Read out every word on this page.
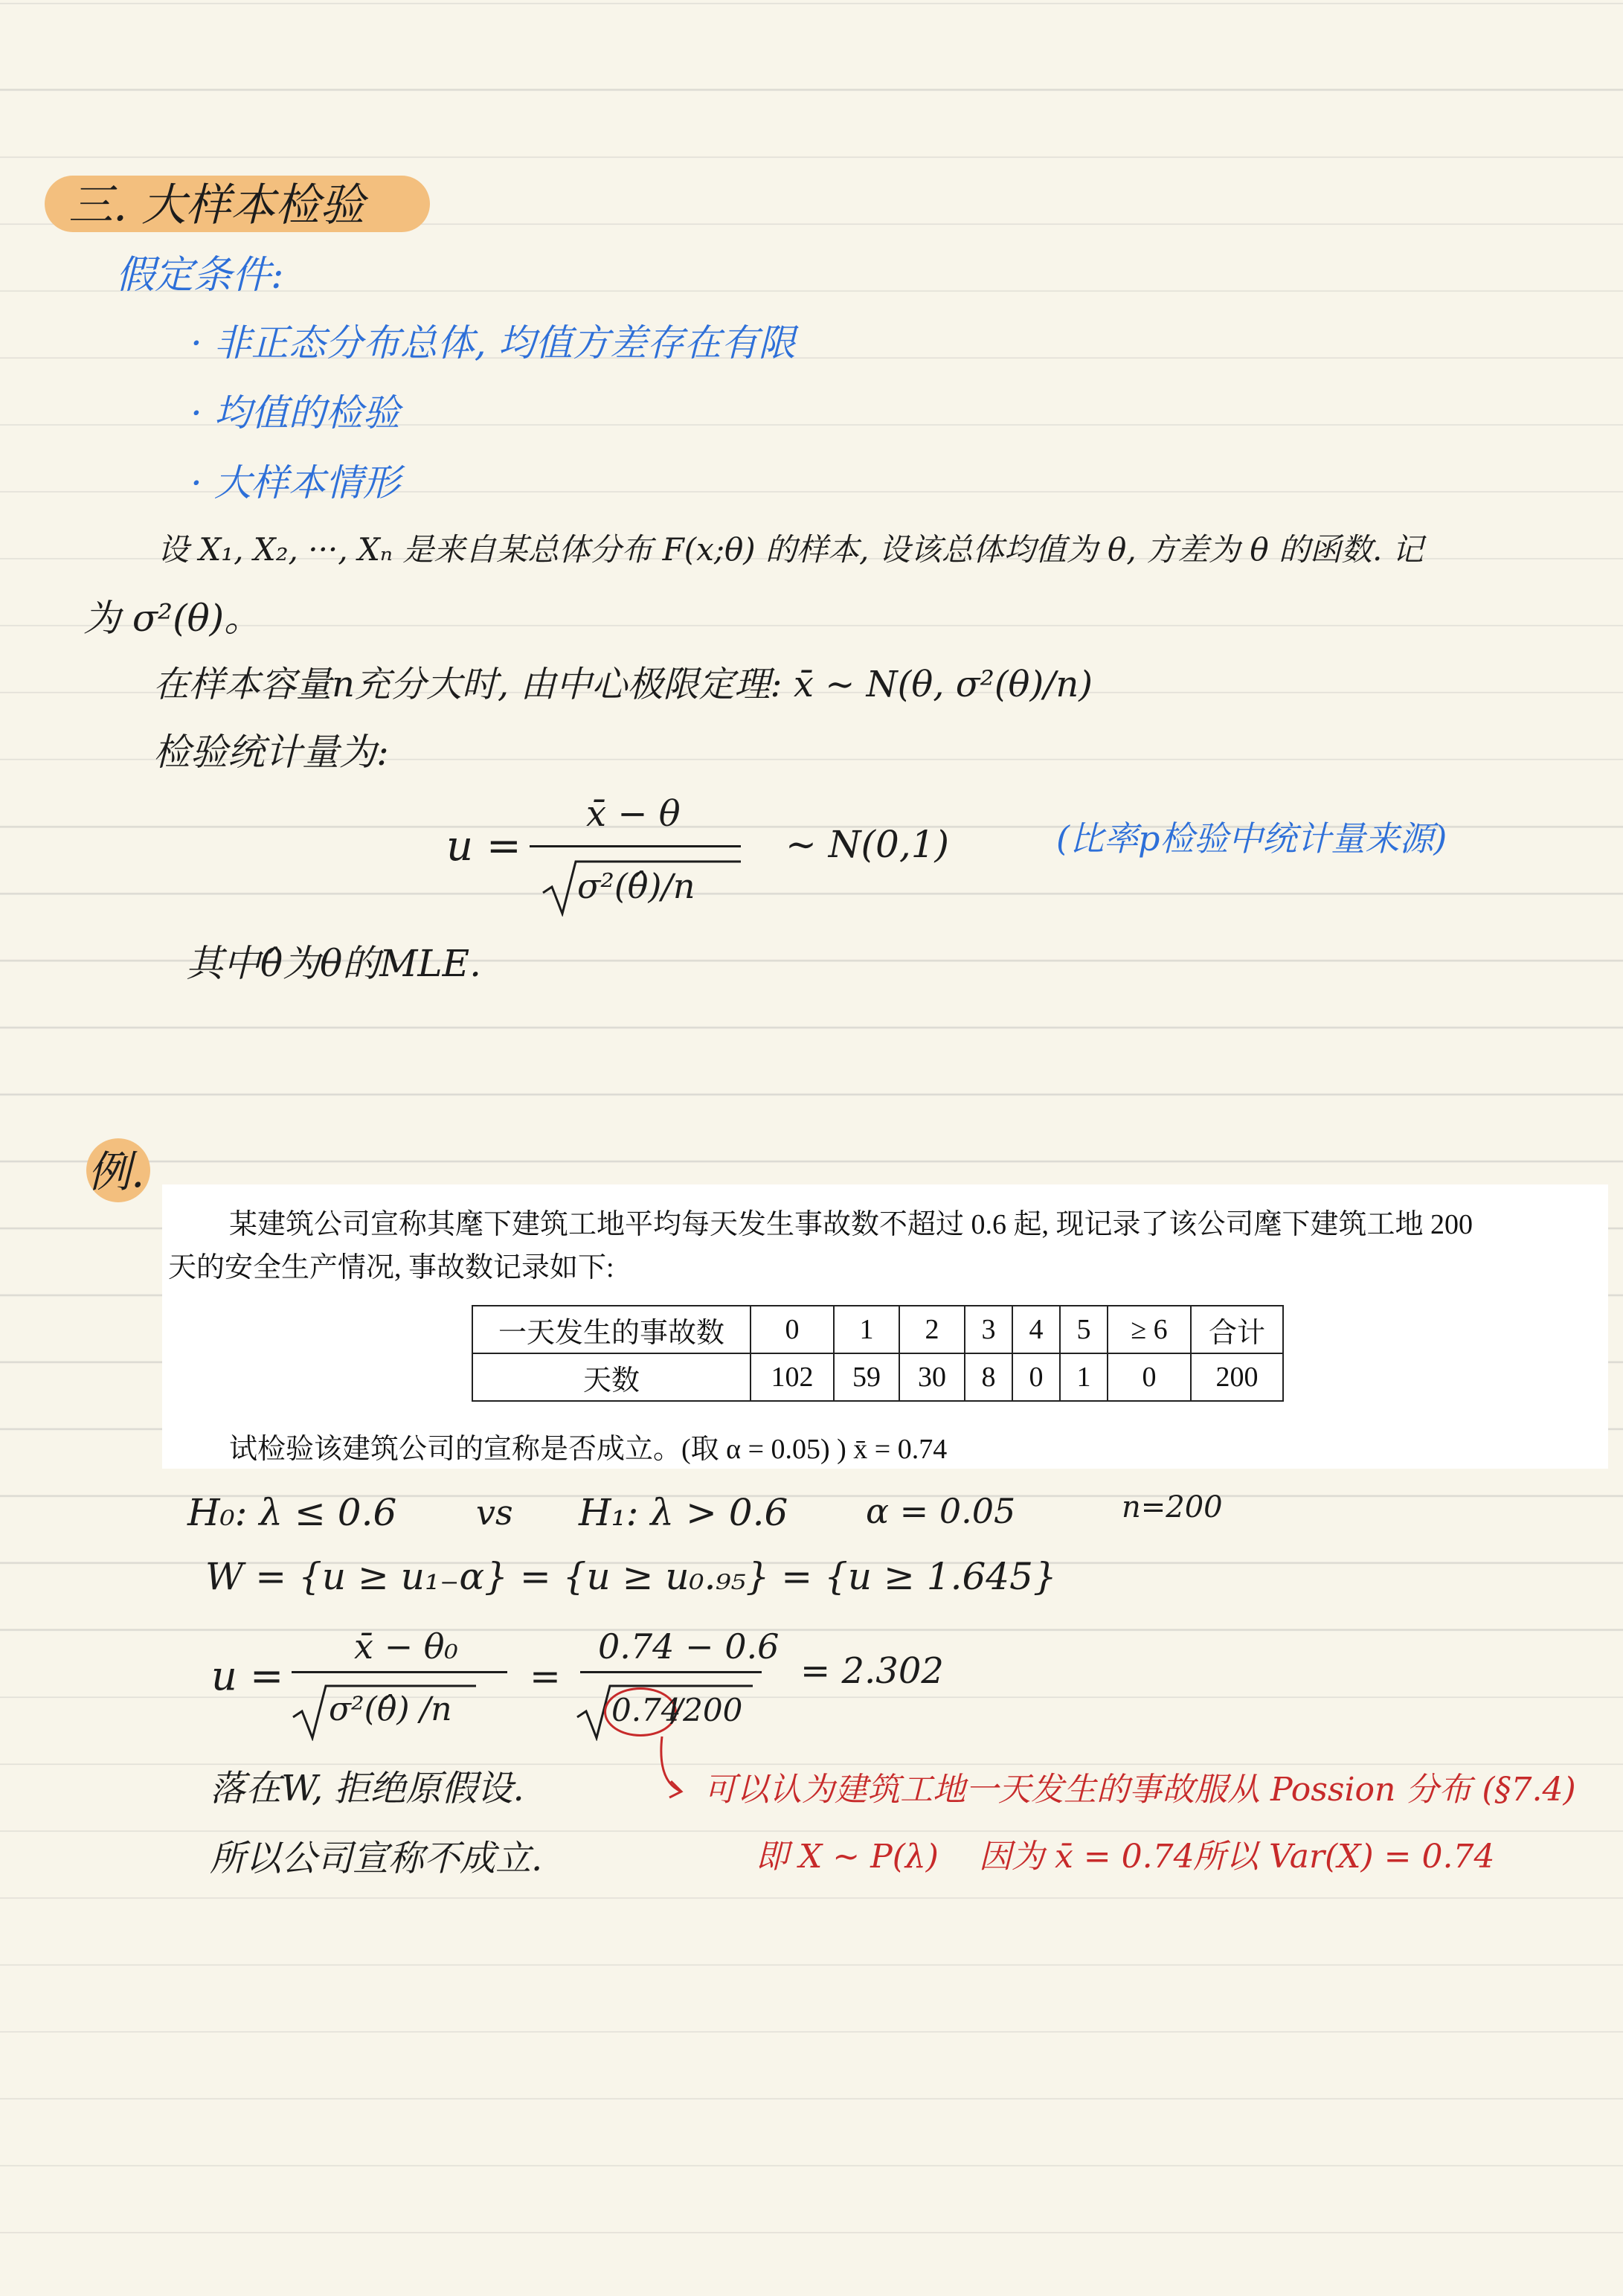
三. 大样本检验
假定条件:
· 非正态分布总体, 均值方差存在有限
· 均值的检验
· 大样本情形
设 X₁, X₂, ···, Xₙ 是来自某总体分布 F(x;θ) 的样本, 设该总体均值为 θ, 方差为 θ 的函数. 记
为 σ²(θ)。
在样本容量n充分大时, 由中心极限定理: x̄ ∼ N(θ, σ²(θ)/n)
检验统计量为:
u =
x̄ − θ
σ²(θ̂)/n
∼ N(0,1)	(比率p检验中统计量来源)
其中θ̂为θ的MLE.
例.

某建筑公司宣称其麾下建筑工地平均每天发生事故数不超过 0.6 起, 现记录了该公司麾下建筑工地 200

天的安全生产情况, 事故数记录如下:

试检验该建筑公司的宣称是否成立。(取 α = 0.05) ) x̄ = 0.74

一天发生的事故数	0	1	2	3	4	5	≥ 6	合计
天数	102	59	30	8	0	1	0	200
H₀: λ ≤ 0.6 vs H₁: λ > 0.6 α = 0.05	n=200
W = {u ≥ u₁₋α} = {u ≥ u₀.₉₅} = {u ≥ 1.645}
u =
x̄ − θ₀
σ²(θ̂) /n
=
0.74 − 0.6
0.74
/200
= 2.302
落在W, 拒绝原假设.
所以公司宣称不成立.
可以认为建筑工地一天发生的事故服从 Possion 分布 (§7.4)
即 X ~ P(λ) 因为 x̄ = 0.74
所以 Var(X) = 0.74
